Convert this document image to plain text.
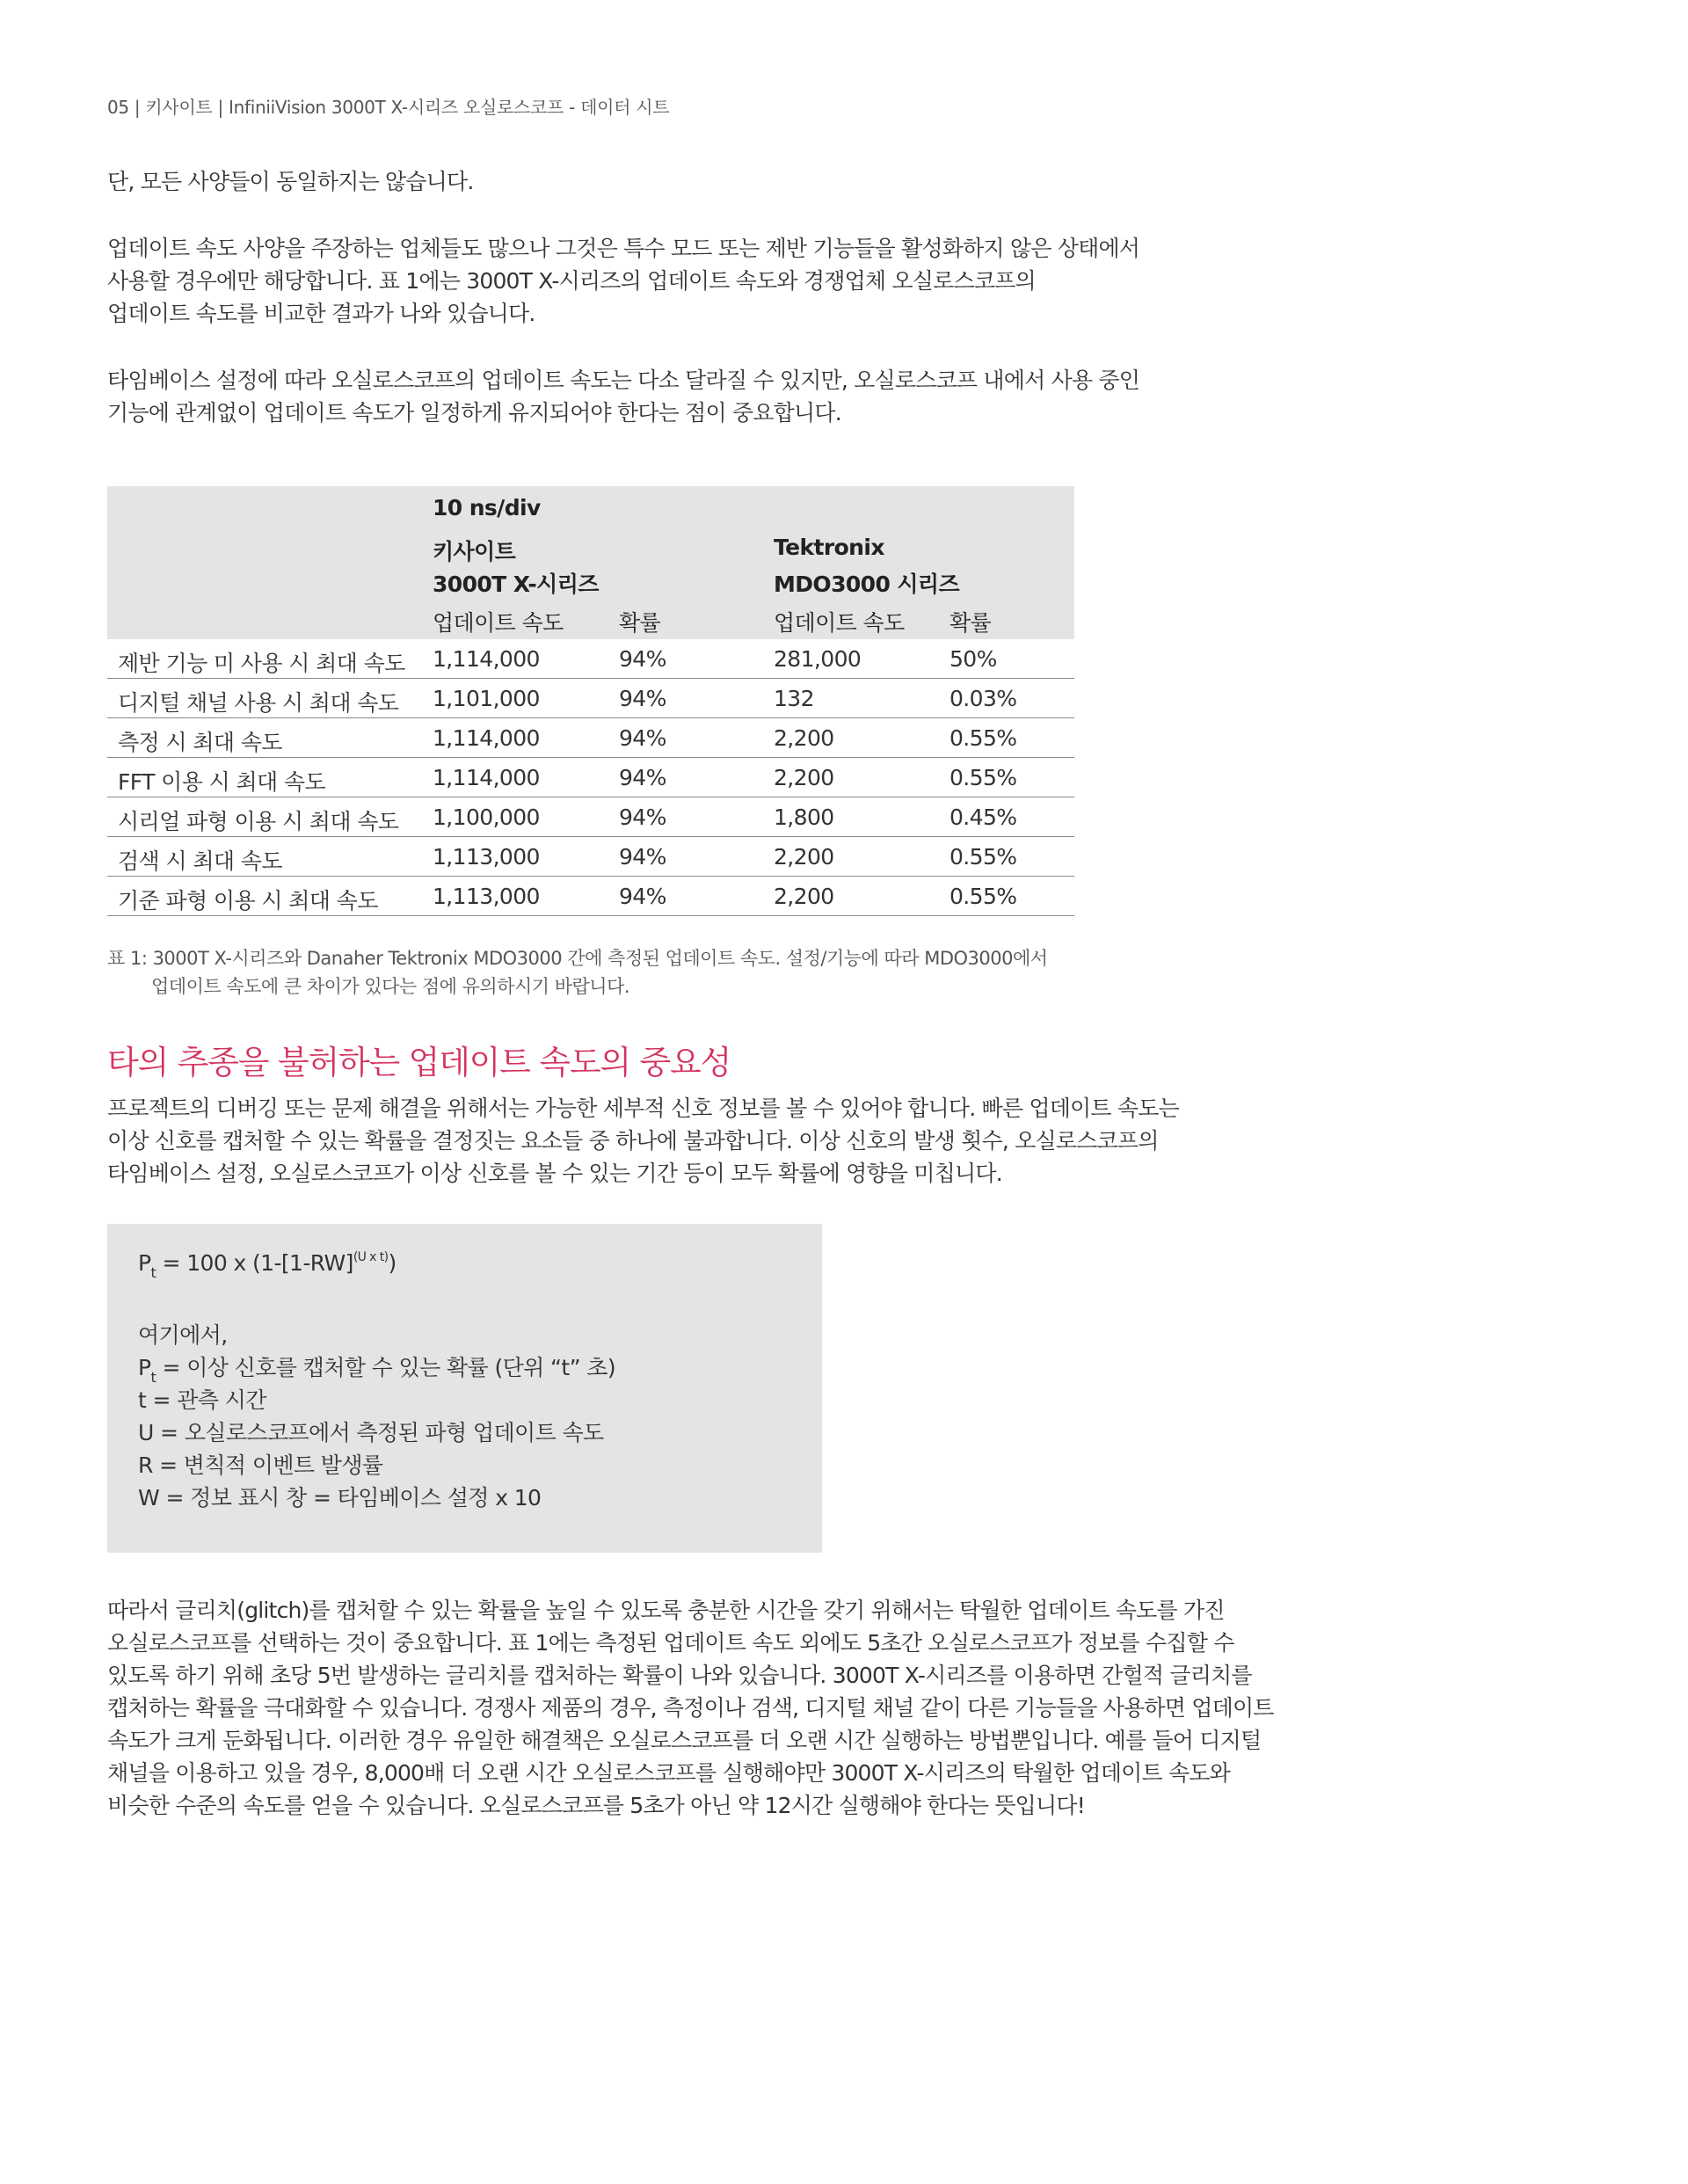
05 | 키사이트 | InfiniiVision 3000T X-시리즈 오실로스코프 - 데이터 시트
단, 모든 사양들이 동일하지는 않습니다.
업데이트 속도 사양을 주장하는 업체들도 많으나 그것은 특수 모드 또는 제반 기능들을 활성화하지 않은 상태에서
사용할 경우에만 해당합니다. 표 1에는 3000T X-시리즈의 업데이트 속도와 경쟁업체 오실로스코프의
업데이트 속도를 비교한 결과가 나와 있습니다.
타임베이스 설정에 따라 오실로스코프의 업데이트 속도는 다소 달라질 수 있지만, 오실로스코프 내에서 사용 중인
기능에 관계없이 업데이트 속도가 일정하게 유지되어야 한다는 점이 중요합니다.
10 ns/div
키사이트
3000T X-시리즈
Tektronix
MDO3000 시리즈
업데이트 속도	확률	업데이트 속도 확률
제반 기능 미 사용 시 최대 속도 1,114,000	94%	281,000	50%
디지털 채널 사용 시 최대 속도 1,101,000	94%	132	0.03%
측정 시 최대 속도	1,114,000	94%	2,200	0.55%
FFT 이용 시 최대 속도	1,114,000	94%	2,200	0.55%
시리얼 파형 이용 시 최대 속도 1,100,000	94%	1,800	0.45%
검색 시 최대 속도	1,113,000	94%	2,200	0.55%
기준 파형 이용 시 최대 속도 1,113,000	94%	2,200	0.55%
표 1: 3000T X-시리즈와 Danaher Tektronix MDO3000 간에 측정된 업데이트 속도. 설정/기능에 따라 MDO3000에서
업데이트 속도에 큰 차이가 있다는 점에 유의하시기 바랍니다.
타의 추종을 불허하는 업데이트 속도의 중요성
프로젝트의 디버깅 또는 문제 해결을 위해서는 가능한 세부적 신호 정보를 볼 수 있어야 합니다. 빠른 업데이트 속도는
이상 신호를 캡처할 수 있는 확률을 결정짓는 요소들 중 하나에 불과합니다. 이상 신호의 발생 횟수, 오실로스코프의
타임베이스 설정, 오실로스코프가 이상 신호를 볼 수 있는 기간 등이 모두 확률에 영향을 미칩니다.
$P_t = 100$ x $(1-[1-RW]^{(U x t)})$
여기에서,
$P_t$ = 이상 신호를 캡처할 수 있는 확률 (단위 “t” 초)
t = 관측 시간
U = 오실로스코프에서 측정된 파형 업데이트 속도
R = 변칙적 이벤트 발생률
W = 정보 표시 창 = 타임베이스 설정 x 10
따라서 글리치(glitch)를 캡처할 수 있는 확률을 높일 수 있도록 충분한 시간을 갖기 위해서는 탁월한 업데이트 속도를 가진
오실로스코프를 선택하는 것이 중요합니다. 표 1에는 측정된 업데이트 속도 외에도 5초간 오실로스코프가 정보를 수집할 수
있도록 하기 위해 초당 5번 발생하는 글리치를 캡처하는 확률이 나와 있습니다. 3000T X-시리즈를 이용하면 간헐적 글리치를
캡처하는 확률을 극대화할 수 있습니다. 경쟁사 제품의 경우, 측정이나 검색, 디지털 채널 같이 다른 기능들을 사용하면 업데이트
속도가 크게 둔화됩니다. 이러한 경우 유일한 해결책은 오실로스코프를 더 오랜 시간 실행하는 방법뿐입니다. 예를 들어 디지털
채널을 이용하고 있을 경우, 8,000배 더 오랜 시간 오실로스코프를 실행해야만 3000T X-시리즈의 탁월한 업데이트 속도와
비슷한 수준의 속도를 얻을 수 있습니다. 오실로스코프를 5초가 아닌 약 12시간 실행해야 한다는 뜻입니다!
